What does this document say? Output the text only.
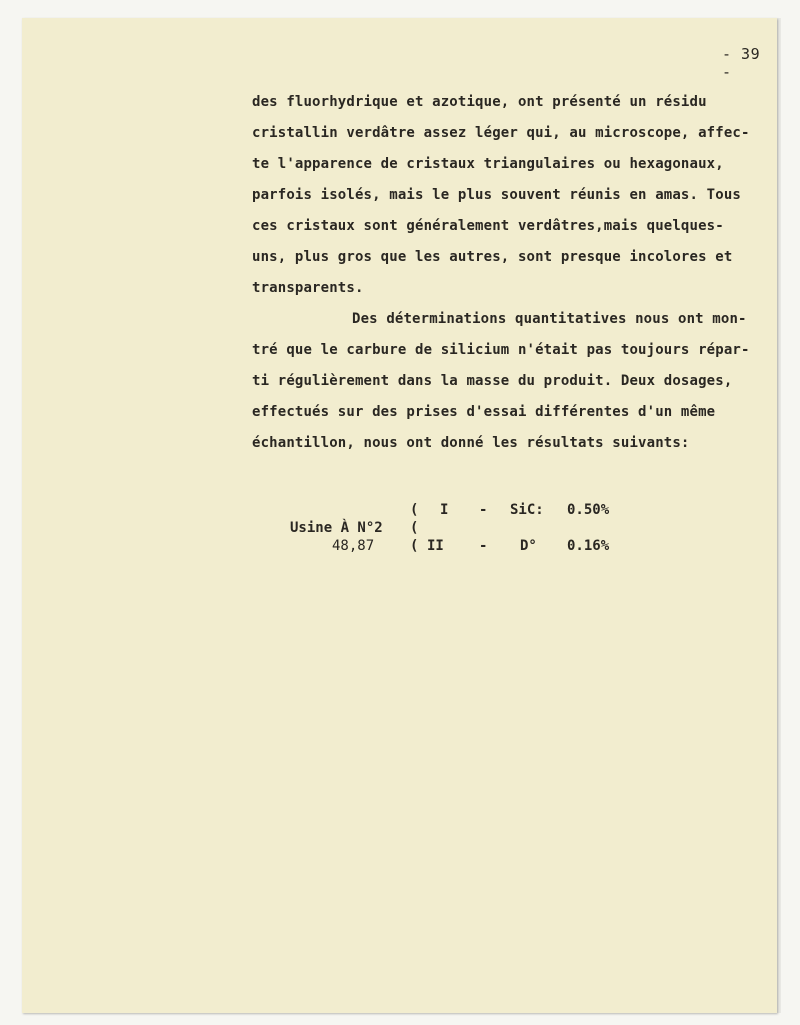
- 39 -
des fluorhydrique et azotique, ont présenté un résidu
cristallin verdâtre assez léger qui, au microscope, affec-
te l'apparence de cristaux triangulaires ou hexagonaux,
parfois isolés, mais le plus souvent réunis en amas. Tous
ces cristaux sont généralement verdâtres,mais quelques-
uns, plus gros que les autres, sont presque incolores et
transparents.
Des déterminations quantitatives nous ont mon-
tré que le carbure de silicium n'était pas toujours répar-
ti régulièrement dans la masse du produit. Deux dosages,
effectués sur des prises d'essai différentes d'un même
échantillon, nous ont donné les résultats suivants:
Usine À N°2
48,87
( I - SiC: 0.50%
(
( II	- D° 0.16%
